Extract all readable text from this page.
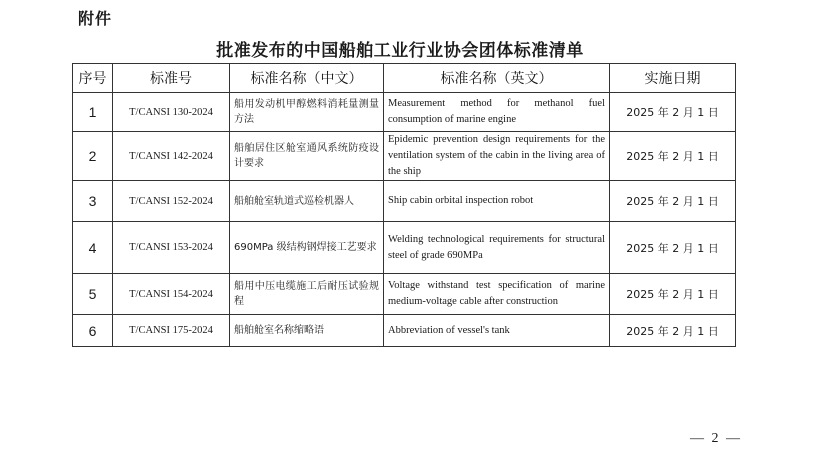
附件
批准发布的中国船舶工业行业协会团体标准清单
序号	标准号	标准名称（中文）	标准名称（英文）	实施日期
1	T/CANSI 130-2024	船用发动机甲醇燃料消耗量测量方法	Measurement method for methanol fuel consumption of marine engine	2025 年 2 月 1 日
2	T/CANSI 142-2024	船舶居住区舱室通风系统防疫设计要求	Epidemic prevention design requirements for the ventilation system of the cabin in the living area of the ship	2025 年 2 月 1 日
3	T/CANSI 152-2024	船舶舱室轨道式巡检机器人	Ship cabin orbital inspection robot	2025 年 2 月 1 日
4	T/CANSI 153-2024	690MPa 级结构钢焊接工艺要求	Welding technological requirements for structural steel of grade 690MPa	2025 年 2 月 1 日
5	T/CANSI 154-2024	船用中压电缆施工后耐压试验规程	Voltage withstand test specification of marine medium-voltage cable after construction	2025 年 2 月 1 日
6	T/CANSI 175-2024	船舶舱室名称缩略语	Abbreviation of vessel's tank	2025 年 2 月 1 日
— 2 —
